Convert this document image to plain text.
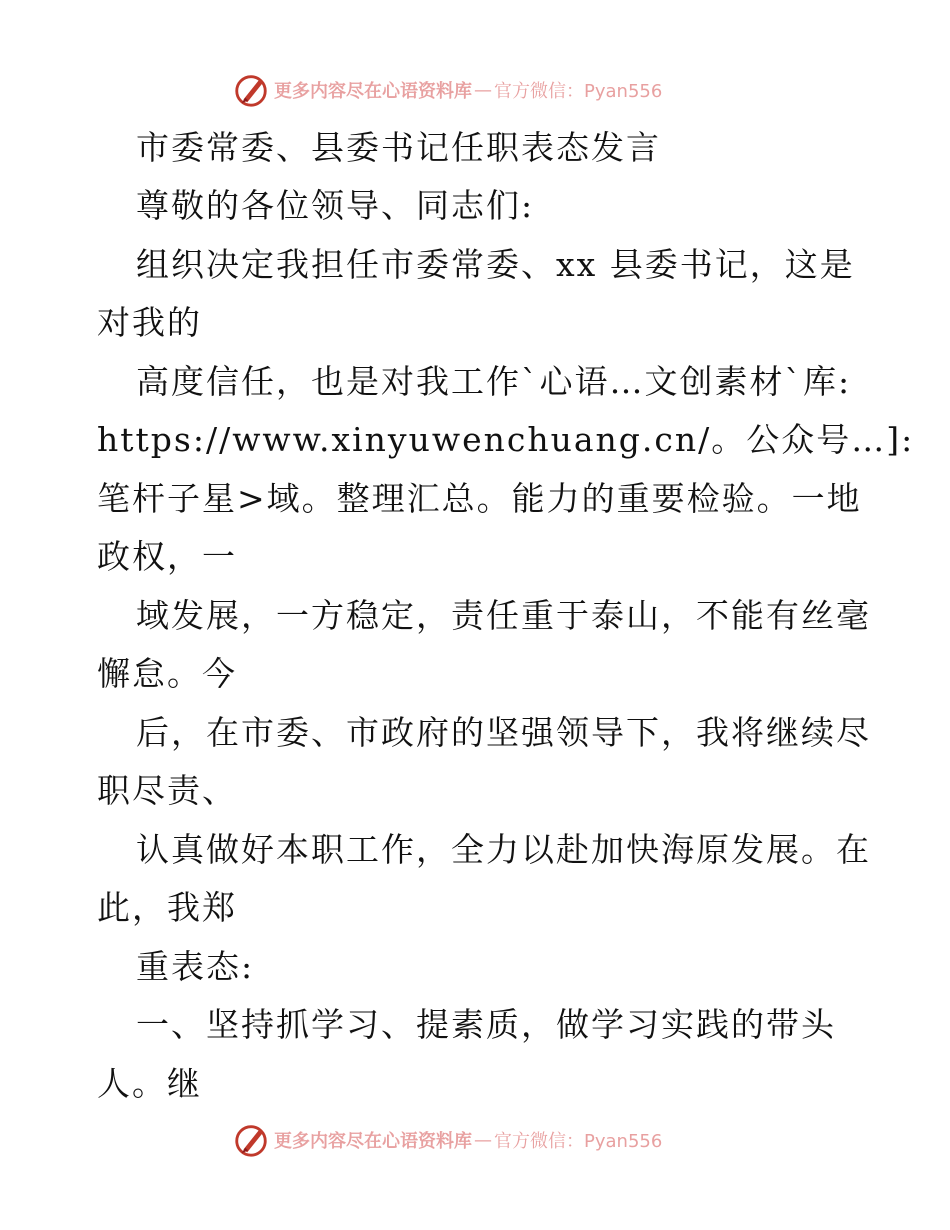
更多内容尽在心语资料库 — 官方微信：Pyan556
市委常委、县委书记任职表态发言
尊敬的各位领导、同志们:
组织决定我担任市委常委、xx 县委书记，这是
对我的
高度信任，也是对我工作`心语…文创素材`库:
https://www.xinyuwenchuang.cn/。公众号…]:
笔杆子星>域。整理汇总。能力的重要检验。一地
政权，一
域发展，一方稳定，责任重于泰山，不能有丝毫
懈怠。今
后，在市委、市政府的坚强领导下，我将继续尽
职尽责、
认真做好本职工作，全力以赴加快海原发展。在
此，我郑
重表态:
一、坚持抓学习、提素质，做学习实践的带头
人。继
更多内容尽在心语资料库 — 官方微信：Pyan556
